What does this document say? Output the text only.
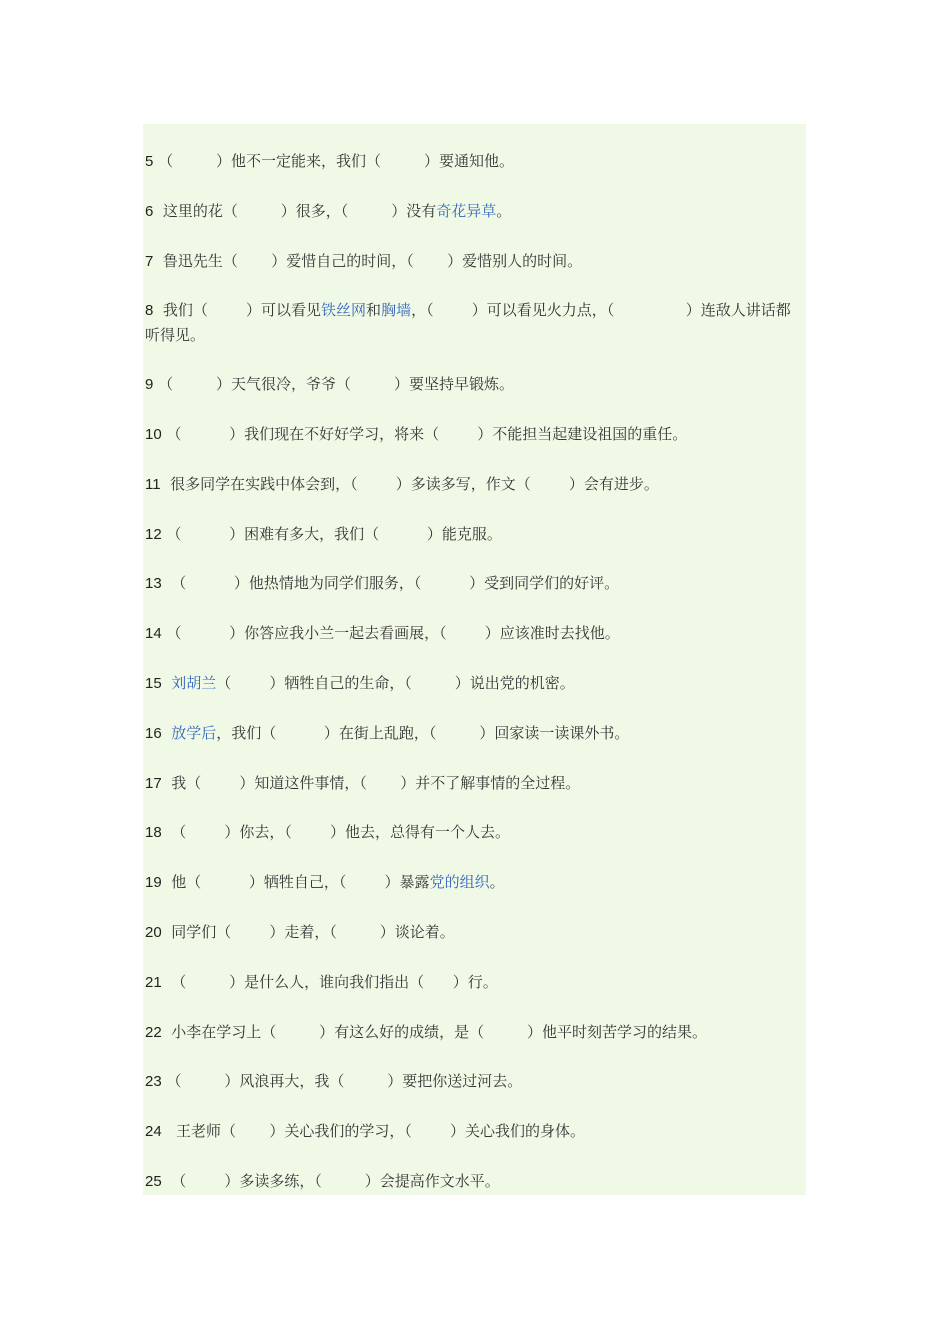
5 （         ）他不一定能来，我们（         ）要通知他。
6  这里的花（         ）很多，（         ）没有奇花异草。
7  鲁迅先生（       ）爱惜自己的时间，（       ）爱惜别人的时间。
8  我们（        ）可以看见铁丝网和胸墙，（        ）可以看见火力点，（               ）连敌人讲话都听得见。
9 （         ）天气很冷，爷爷（         ）要坚持早锻炼。
10 （          ）我们现在不好好学习，将来（        ）不能担当起建设祖国的重任。
11  很多同学在实践中体会到，（        ）多读多写，作文（        ）会有进步。
12 （          ）困难有多大，我们（          ）能克服。
13  （          ）他热情地为同学们服务，（          ）受到同学们的好评。
14 （          ）你答应我小兰一起去看画展，（        ）应该准时去找他。
15 刘胡兰（        ）牺牲自己的生命，（         ）说出党的机密。
16 放学后，我们（          ）在街上乱跑，（         ）回家读一读课外书。
17  我（        ）知道这件事情，（       ）并不了解事情的全过程。
18  （        ）你去，（        ）他去，总得有一个人去。
19  他（          ）牺牲自己，（        ）暴露党的组织。
20  同学们（        ）走着，（         ）谈论着。
21  （         ）是什么人，谁向我们指出（      ）行。
22  小李在学习上（         ）有这么好的成绩，是（         ）他平时刻苦学习的结果。
23 （         ）风浪再大，我（         ）要把你送过河去。
24   王老师（       ）关心我们的学习，（        ）关心我们的身体。
25  （        ）多读多练，（         ）会提高作文水平。
